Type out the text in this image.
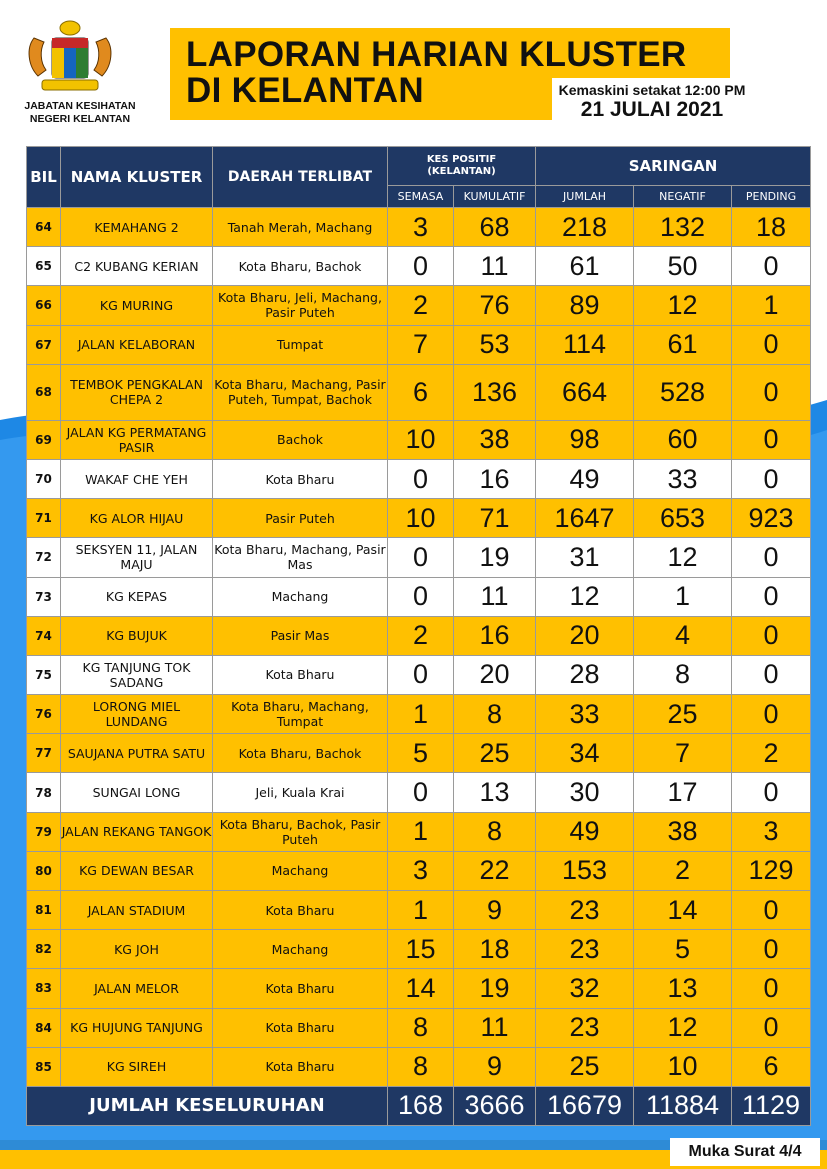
JABATAN KESIHATAN
NEGERI KELANTAN
LAPORAN HARIAN KLUSTER
DI KELANTAN	Kemaskini setakat 12:00 PM
21 JULAI 2021
BIL	NAMA KLUSTER	DAERAH TERLIBAT	KES POSITIF
(KELANTAN)		SARINGAN		
			SEMASA	KUMULATIF	JUMLAH	NEGATIF	PENDING
64	KEMAHANG 2	Tanah Merah, Machang	3	68	218	132	18
65	C2 KUBANG KERIAN	Kota Bharu, Bachok	0	11	61	50	0
66	KG MURING	Kota Bharu, Jeli, Machang, Pasir Puteh	2	76	89	12	1
67	JALAN KELABORAN	Tumpat	7	53	114	61	0
68	TEMBOK PENGKALAN CHEPA 2	Kota Bharu, Machang, Pasir Puteh, Tumpat, Bachok	6	136	664	528	0
69	JALAN KG PERMATANG PASIR	Bachok	10	38	98	60	0
70	WAKAF CHE YEH	Kota Bharu	0	16	49	33	0
71	KG ALOR HIJAU	Pasir Puteh	10	71	1647	653	923
72	SEKSYEN 11, JALAN MAJU	Kota Bharu, Machang, Pasir Mas	0	19	31	12	0
73	KG KEPAS	Machang	0	11	12	1	0
74	KG BUJUK	Pasir Mas	2	16	20	4	0
75	KG TANJUNG TOK SADANG	Kota Bharu	0	20	28	8	0
76	LORONG MIEL LUNDANG	Kota Bharu, Machang, Tumpat	1	8	33	25	0
77	SAUJANA PUTRA SATU	Kota Bharu, Bachok	5	25	34	7	2
78	SUNGAI LONG	Jeli, Kuala Krai	0	13	30	17	0
79	JALAN REKANG TANGOK	Kota Bharu, Bachok, Pasir Puteh	1	8	49	38	3
80	KG DEWAN BESAR	Machang	3	22	153	2	129
81	JALAN STADIUM	Kota Bharu	1	9	23	14	0
82	KG JOH	Machang	15	18	23	5	0
83	JALAN MELOR	Kota Bharu	14	19	32	13	0
84	KG HUJUNG TANJUNG	Kota Bharu	8	11	23	12	0
85	KG SIREH	Kota Bharu	8	9	25	10	6
JUMLAH KESELURUHAN			168	3666	16679	11884	1129
Muka Surat 4/4
